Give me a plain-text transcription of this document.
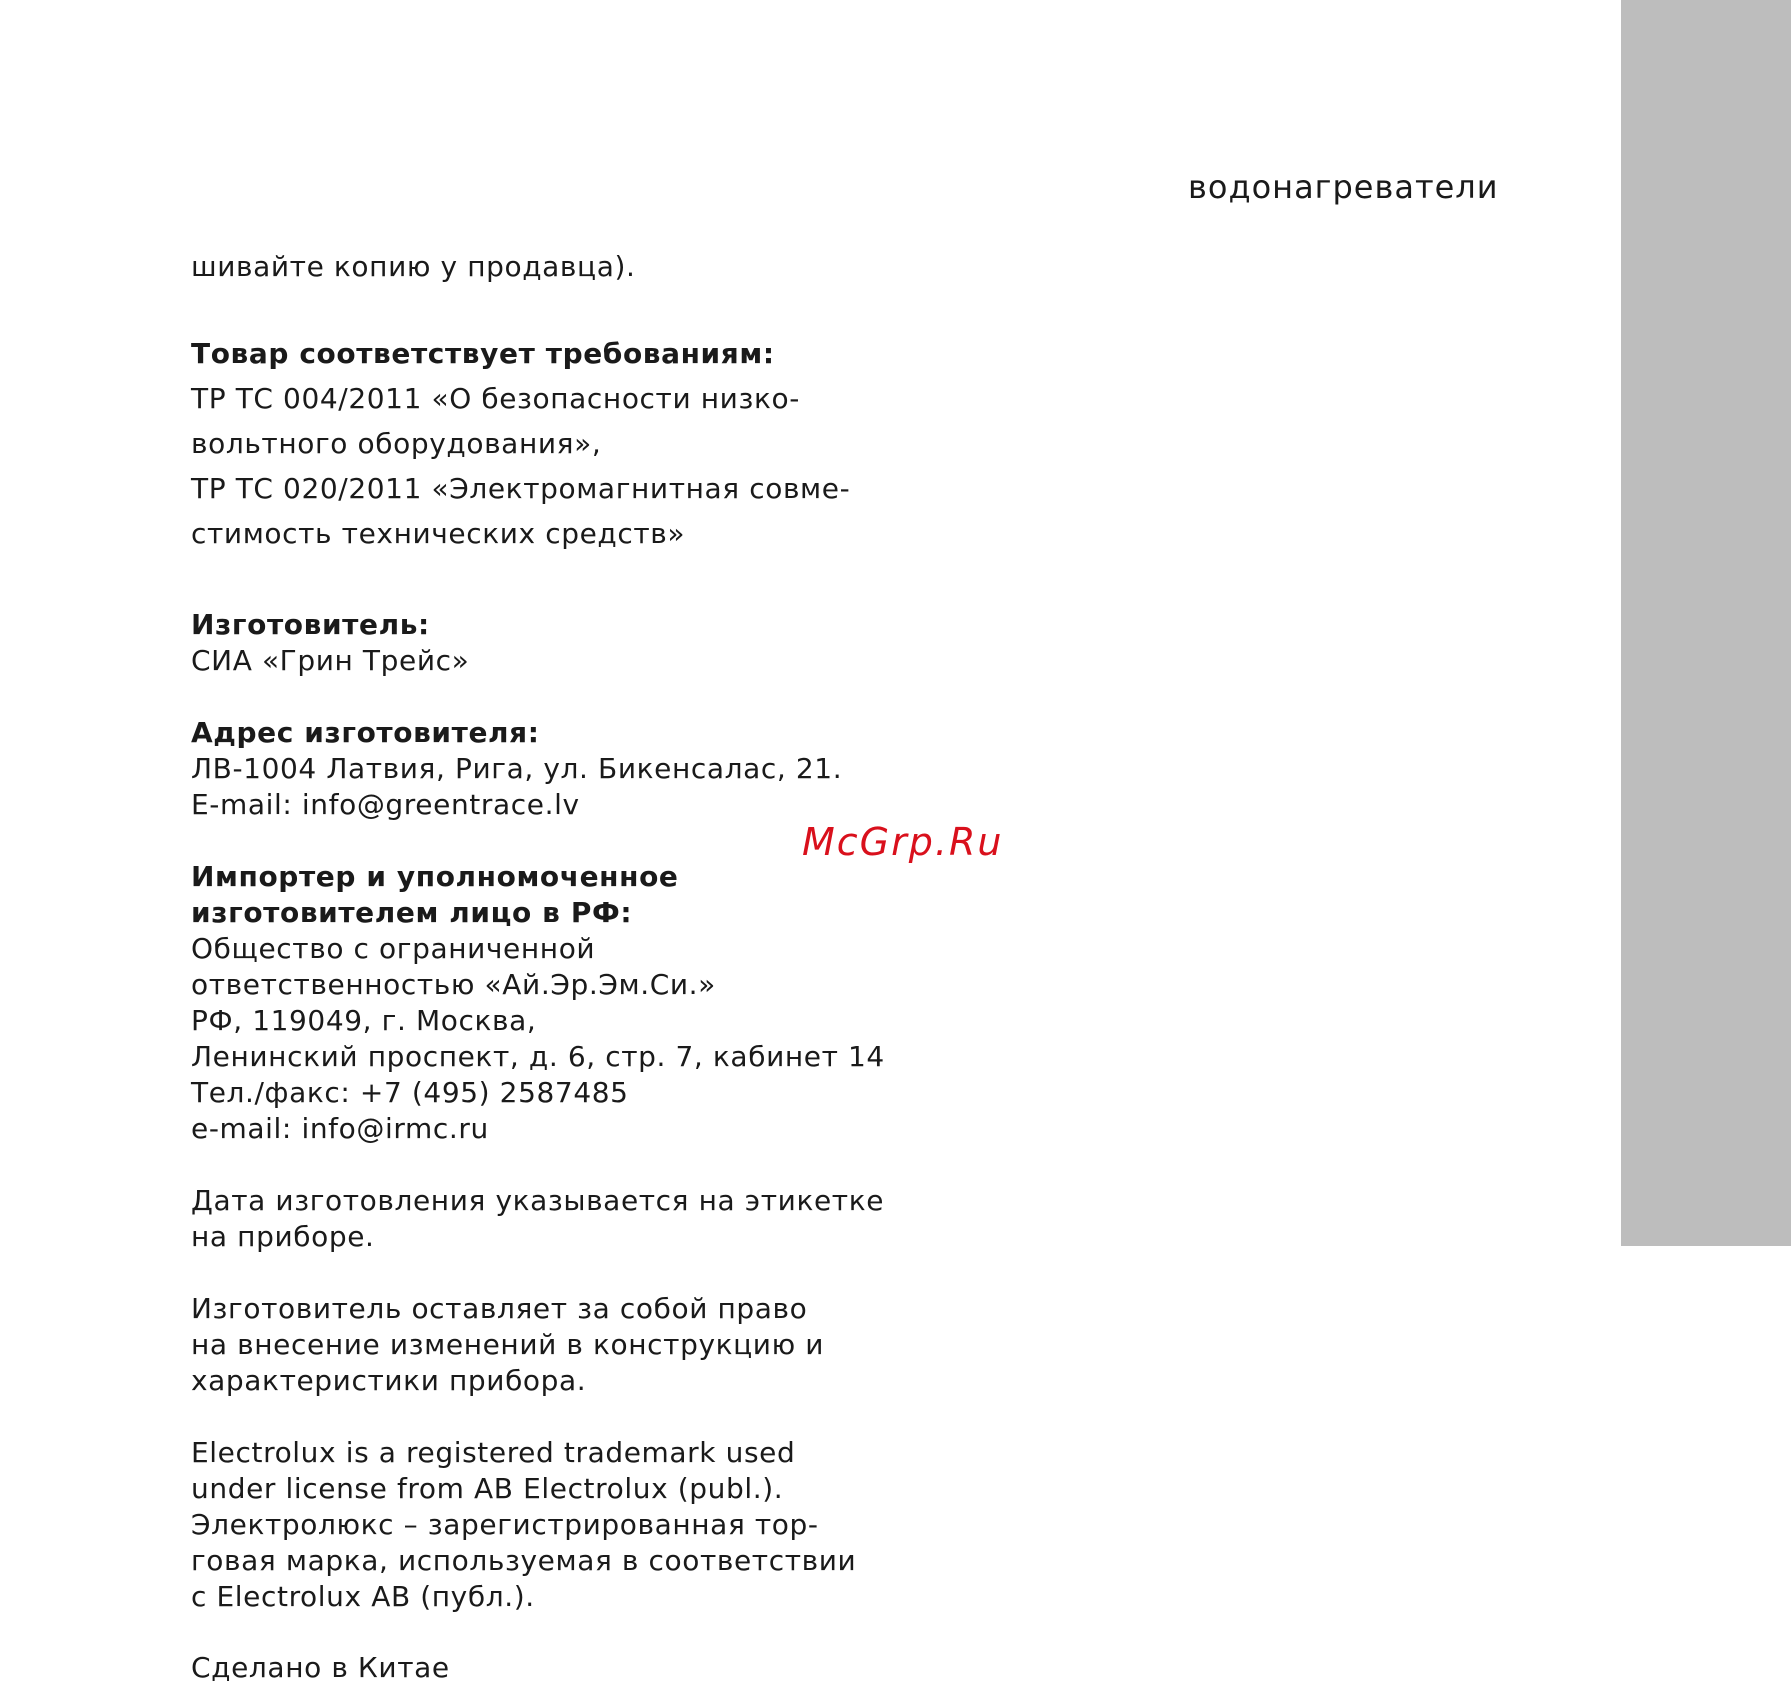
водонагреватели
McGrp.Ru
шивайте копию у продавца).
Товар соответствует требованиям:
ТР ТС 004/2011 «О безопасности низко-
вольтного оборудования»,
ТР ТС 020/2011 «Электромагнитная совме-
стимость технических средств»
Изготовитель:
СИА «Грин Трейс»
Адрес изготовителя:
ЛВ-1004 Латвия, Рига, ул. Бикенсалас, 21.
E-mail: info@greentrace.lv
Импортер и уполномоченное
изготовителем лицо в РФ:
Общество с ограниченной
ответственностью «Ай.Эр.Эм.Си.»
РФ, 119049, г. Москва,
Ленинский проспект, д. 6, стр. 7, кабинет 14
Тел./факс: +7 (495) 2587485
e-mail: info@irmc.ru
Дата изготовления указывается на этикетке
на приборе.
Изготовитель оставляет за собой право
на внесение изменений в конструкцию и
характеристики прибора.
Electrolux is a registered trademark used
under license from AB Electrolux (publ.).
Электролюкс – зарегистрированная тор-
говая марка, используемая в соответствии
с Electrolux AB (публ.).
Сделано в Китае
